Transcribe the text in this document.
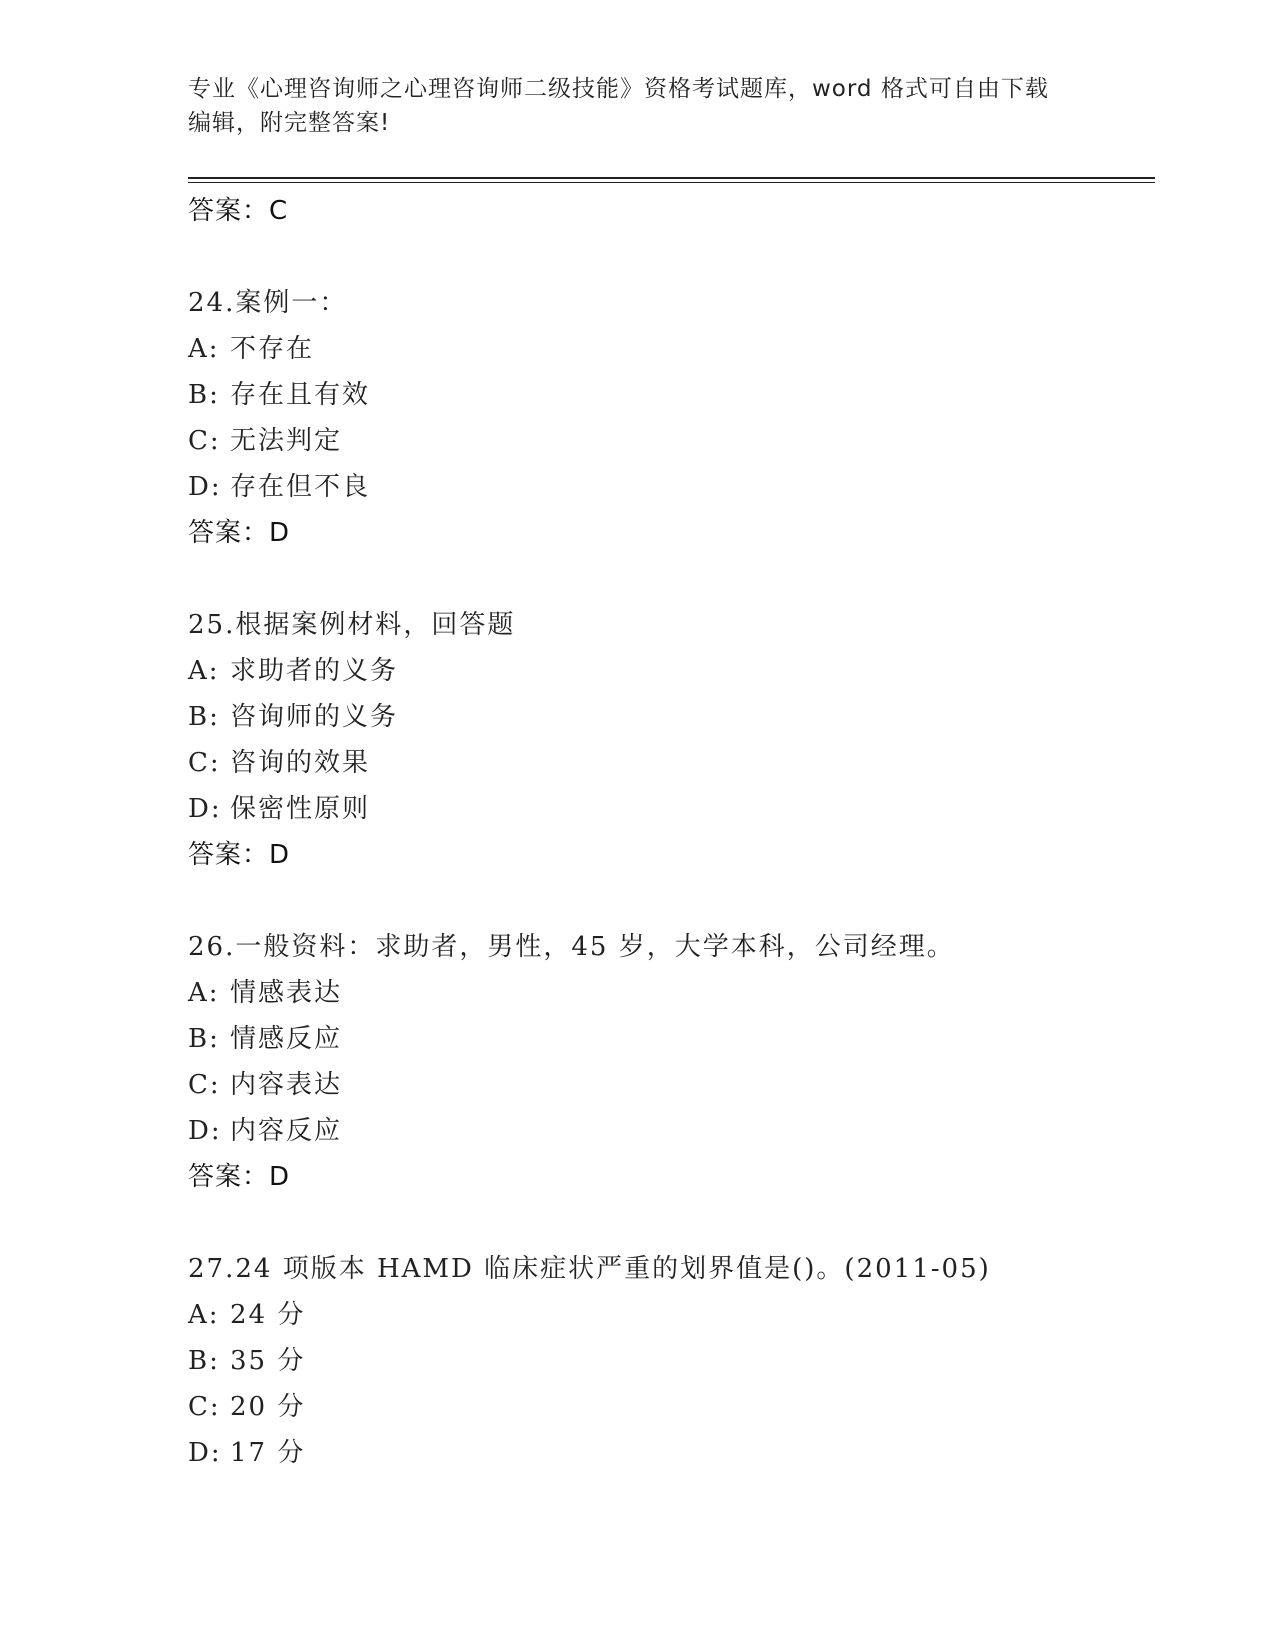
专业《心理咨询师之心理咨询师二级技能》资格考试题库，word 格式可自由下载
编辑，附完整答案!
答案：C
24.案例一：
A: 不存在
B: 存在且有效
C: 无法判定
D: 存在但不良
答案：D
25.根据案例材料，回答题
A: 求助者的义务
B: 咨询师的义务
C: 咨询的效果
D: 保密性原则
答案：D
26.一般资料：求助者，男性，45 岁，大学本科，公司经理。
A: 情感表达
B: 情感反应
C: 内容表达
D: 内容反应
答案：D
27.24 项版本 HAMD 临床症状严重的划界值是()。(2011-05)
A: 24 分
B: 35 分
C: 20 分
D: 17 分
